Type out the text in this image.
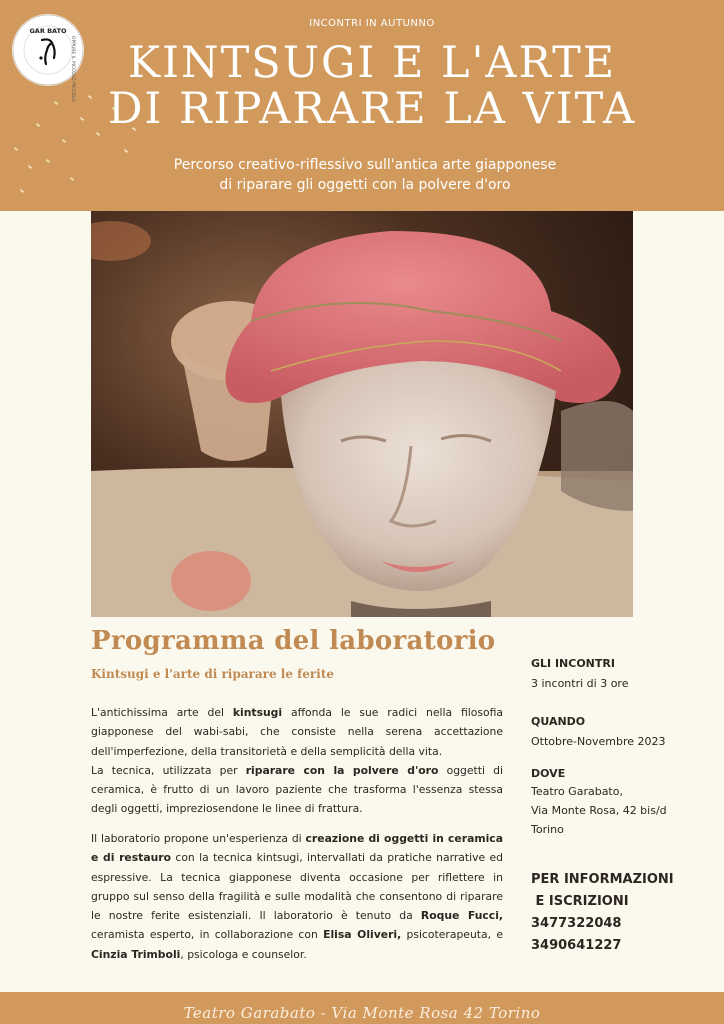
GAR BATO
OPPURE IL PICCOLO PICCOLO
INCONTRI IN AUTUNNO
KINTSUGI E L'ARTE
DI RIPARARE LA VITA
Percorso creativo-riflessivo sull'antica arte giapponese
di riparare gli oggetti con la polvere d'oro
Programma del laboratorio
Kintsugi e l'arte di riparare le ferite
L'antichissima arte del kintsugi affonda le sue radici nella filosofia giapponese del wabi-sabi, che consiste nella serena accettazione dell'imperfezione, della transitorietà e della semplicità della vita.
La tecnica, utilizzata per riparare con la polvere d'oro oggetti di ceramica, è frutto di un lavoro paziente che trasforma l'essenza stessa degli oggetti, impreziosendone le linee di frattura.
Il laboratorio propone un'esperienza di creazione di oggetti in ceramica e di restauro con la tecnica kintsugi, intervallati da pratiche narrative ed espressive. La tecnica giapponese diventa occasione per riflettere in gruppo sul senso della fragilità e sulle modalità che consentono di riparare le nostre ferite esistenziali. Il laboratorio è tenuto da Roque Fucci, ceramista esperto, in collaborazione con Elisa Oliveri, psicoterapeuta, e Cinzia Trimboli, psicologa e counselor.
GLI INCONTRI
3 incontri di 3 ore
QUANDO
Ottobre-Novembre 2023
DOVE
Teatro Garabato,
Via Monte Rosa, 42 bis/d
Torino
PER INFORMAZIONI
E ISCRIZIONI
3477322048
3490641227
Teatro Garabato - Via Monte Rosa 42 Torino
